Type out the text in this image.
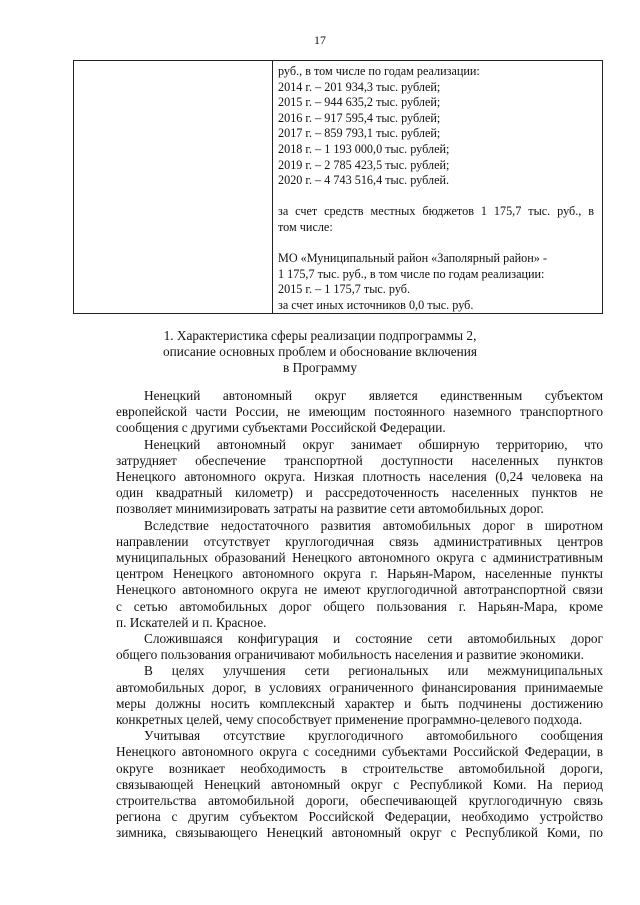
17
руб., в том числе по годам реализации:
2014 г. – 201 934,3 тыс. рублей;
2015 г. – 944 635,2 тыс. рублей;
2016 г. – 917 595,4 тыс. рублей;
2017 г. – 859 793,1 тыс. рублей;
2018 г. – 1 193 000,0 тыс. рублей;
2019 г. – 2 785 423,5 тыс. рублей;
2020 г. – 4 743 516,4 тыс. рублей.
за счет средств местных бюджетов 1 175,7 тыс. руб., в
том числе:
МО «Муниципальный район «Заполярный район» -
1 175,7 тыс. руб., в том числе по годам реализации:
2015 г. – 1 175,7 тыс. руб.
за счет иных источников 0,0 тыс. руб.
1. Характеристика сферы реализации подпрограммы 2,
описание основных проблем и обоснование включения
в Программу
Ненецкий автономный округ является единственным субъектом
европейской части России, не имеющим постоянного наземного транспортного
сообщения с другими субъектами Российской Федерации.
Ненецкий автономный округ занимает обширную территорию, что
затрудняет обеспечение транспортной доступности населенных пунктов
Ненецкого автономного округа. Низкая плотность населения (0,24 человека на
один квадратный километр) и рассредоточенность населенных пунктов не
позволяет минимизировать затраты на развитие сети автомобильных дорог.
Вследствие недостаточного развития автомобильных дорог в широтном
направлении отсутствует круглогодичная связь административных центров
муниципальных образований Ненецкого автономного округа с административным
центром Ненецкого автономного округа г. Нарьян-Маром, населенные пункты
Ненецкого автономного округа не имеют круглогодичной автотранспортной связи
с сетью автомобильных дорог общего пользования г. Нарьян-Мара, кроме
п. Искателей и п. Красное.
Сложившаяся конфигурация и состояние сети автомобильных дорог
общего пользования ограничивают мобильность населения и развитие экономики.
В целях улучшения сети региональных или межмуниципальных
автомобильных дорог, в условиях ограниченного финансирования принимаемые
меры должны носить комплексный характер и быть подчинены достижению
конкретных целей, чему способствует применение программно-целевого подхода.
Учитывая отсутствие круглогодичного автомобильного сообщения
Ненецкого автономного округа с соседними субъектами Российской Федерации, в
округе возникает необходимость в строительстве автомобильной дороги,
связывающей Ненецкий автономный округ с Республикой Коми. На период
строительства автомобильной дороги, обеспечивающей круглогодичную связь
региона с другим субъектом Российской Федерации, необходимо устройство
зимника, связывающего Ненецкий автономный округ с Республикой Коми, по
